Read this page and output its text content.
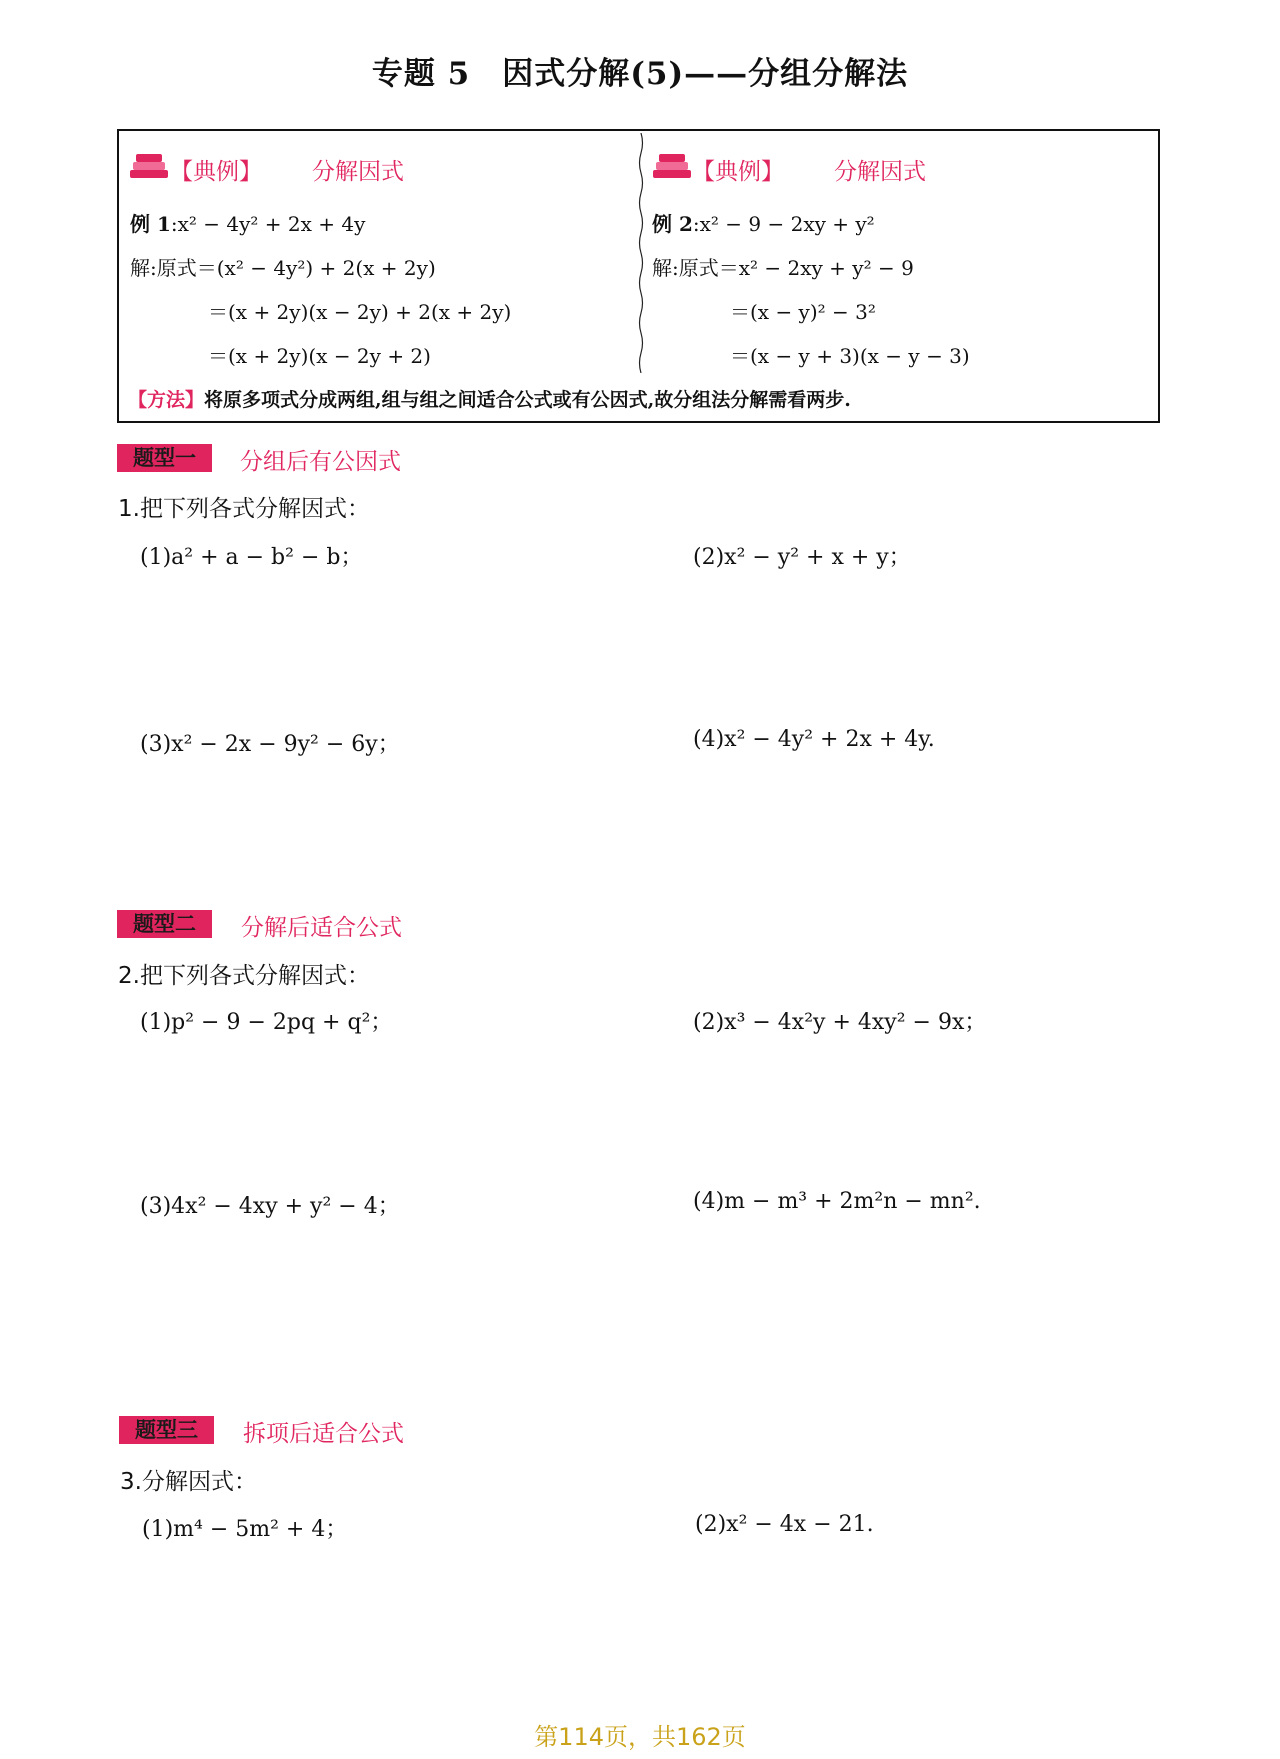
专题 5　因式分解(5)——分组分解法
【典例】 分解因式
例 1:x² − 4y² + 2x + 4y
解:原式＝(x² − 4y²) + 2(x + 2y)
＝(x + 2y)(x − 2y) + 2(x + 2y)
＝(x + 2y)(x − 2y + 2)
【典例】 分解因式
例 2:x² − 9 − 2xy + y²
解:原式＝x² − 2xy + y² − 9
＝(x − y)² − 3²
＝(x − y + 3)(x − y − 3)
【方法】将原多项式分成两组,组与组之间适合公式或有公因式,故分组法分解需看两步.
题型一	分组后有公因式
1.把下列各式分解因式：
(1)a² + a − b² − b；	(2)x² − y² + x + y；
(3)x² − 2x − 9y² − 6y；	(4)x² − 4y² + 2x + 4y.
题型二	分解后适合公式
2.把下列各式分解因式：
(1)p² − 9 − 2pq + q²；	(2)x³ − 4x²y + 4xy² − 9x；
(3)4x² − 4xy + y² − 4；	(4)m − m³ + 2m²n − mn².
题型三	拆项后适合公式
3.分解因式：
(1)m⁴ − 5m² + 4；	(2)x² − 4x − 21.
第114页，共162页
